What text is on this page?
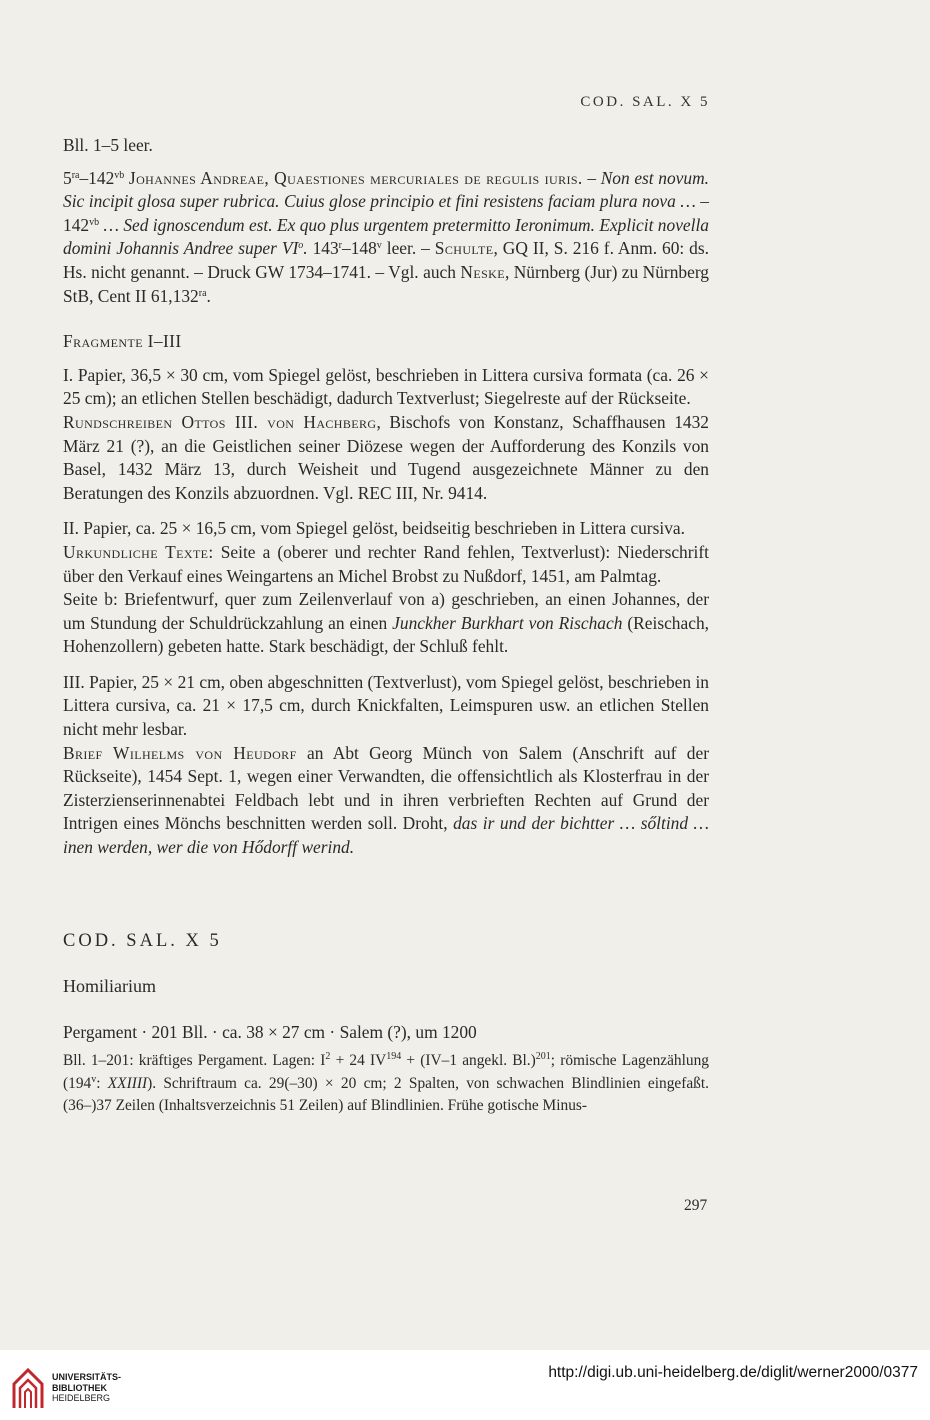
COD. SAL. X 5

Bll. 1–5 leer.

$5^{ra}-142^{vb}$ Johannes Andreae, Quaestiones mercuriales de regulis iuris. – Non est novum. Sic incipit glosa super rubrica. Cuius glose principio et fini resistens faciam plura nova … – $142^{vb}$ … Sed ignoscendum est. Ex quo plus urgentem pretermitto Ieronimum. Explicit novella domini Johannis Andree super $VI^o$. 143$^r$–148$^v$ leer. – Schulte, GQ II, S. 216 f. Anm. 60: ds. Hs. nicht genannt. – Druck GW 1734–1741. – Vgl. auch Neske, Nürnberg (Jur) zu Nürnberg StB, Cent II $61,132^{ra}$.

Fragmente I–III

I. Papier, 36,5 × 30 cm, vom Spiegel gelöst, beschrieben in Littera cursiva formata (ca. 26 × 25 cm); an etlichen Stellen beschädigt, dadurch Textverlust; Siegelreste auf der Rückseite.

Rundschreiben Ottos III. von Hachberg, Bischofs von Konstanz, Schaffhausen 1432 März 21 (?), an die Geistlichen seiner Diözese wegen der Aufforderung des Konzils von Basel, 1432 März 13, durch Weisheit und Tugend ausgezeichnete Männer zu den Beratungen des Konzils abzuordnen. Vgl. REC III, Nr. 9414.

II. Papier, ca. 25 × 16,5 cm, vom Spiegel gelöst, beidseitig beschrieben in Littera cursiva.

Urkundliche Texte: Seite a (oberer und rechter Rand fehlen, Textverlust): Niederschrift über den Verkauf eines Weingartens an Michel Brobst zu Nußdorf, 1451, am Palmtag.

Seite b: Briefentwurf, quer zum Zeilenverlauf von a) geschrieben, an einen Johannes, der um Stundung der Schuldrückzahlung an einen Junckher Burkhart von Rischach (Reischach, Hohenzollern) gebeten hatte. Stark beschädigt, der Schluß fehlt.

III. Papier, 25 × 21 cm, oben abgeschnitten (Textverlust), vom Spiegel gelöst, beschrieben in Littera cursiva, ca. 21 × 17,5 cm, durch Knickfalten, Leimspuren usw. an etlichen Stellen nicht mehr lesbar.

Brief Wilhelms von Heudorf an Abt Georg Münch von Salem (Anschrift auf der Rückseite), 1454 Sept. 1, wegen einer Verwandten, die offensichtlich als Klosterfrau in der Zisterzienserinnenabtei Feldbach lebt und in ihren verbrieften Rechten auf Grund der Intrigen eines Mönchs beschnitten werden soll. Droht, das ir und der bichtter … sőltind … inen werden, wer die von Hődorff werind.

COD. SAL. X 5

Homiliarium

Pergament · 201 Bll. · ca. 38 × 27 cm · Salem (?), um 1200

Bll. 1–201: kräftiges Pergament. Lagen: $I^2 + 24$ $IV^{194} + (IV-1$ angekl. Bl.)$^{201}$; römische Lagenzählung (194$^v$: XXIIII). Schriftraum ca. 29(–30) × 20 cm; 2 Spalten, von schwachen Blindlinien eingefaßt. (36–)37 Zeilen (Inhaltsverzeichnis 51 Zeilen) auf Blindlinien. Frühe gotische Minus-

297
UNIVERSITÄTS-
BIBLIOTHEK
HEIDELBERG
http://digi.ub.uni-heidelberg.de/diglit/werner2000/0377
